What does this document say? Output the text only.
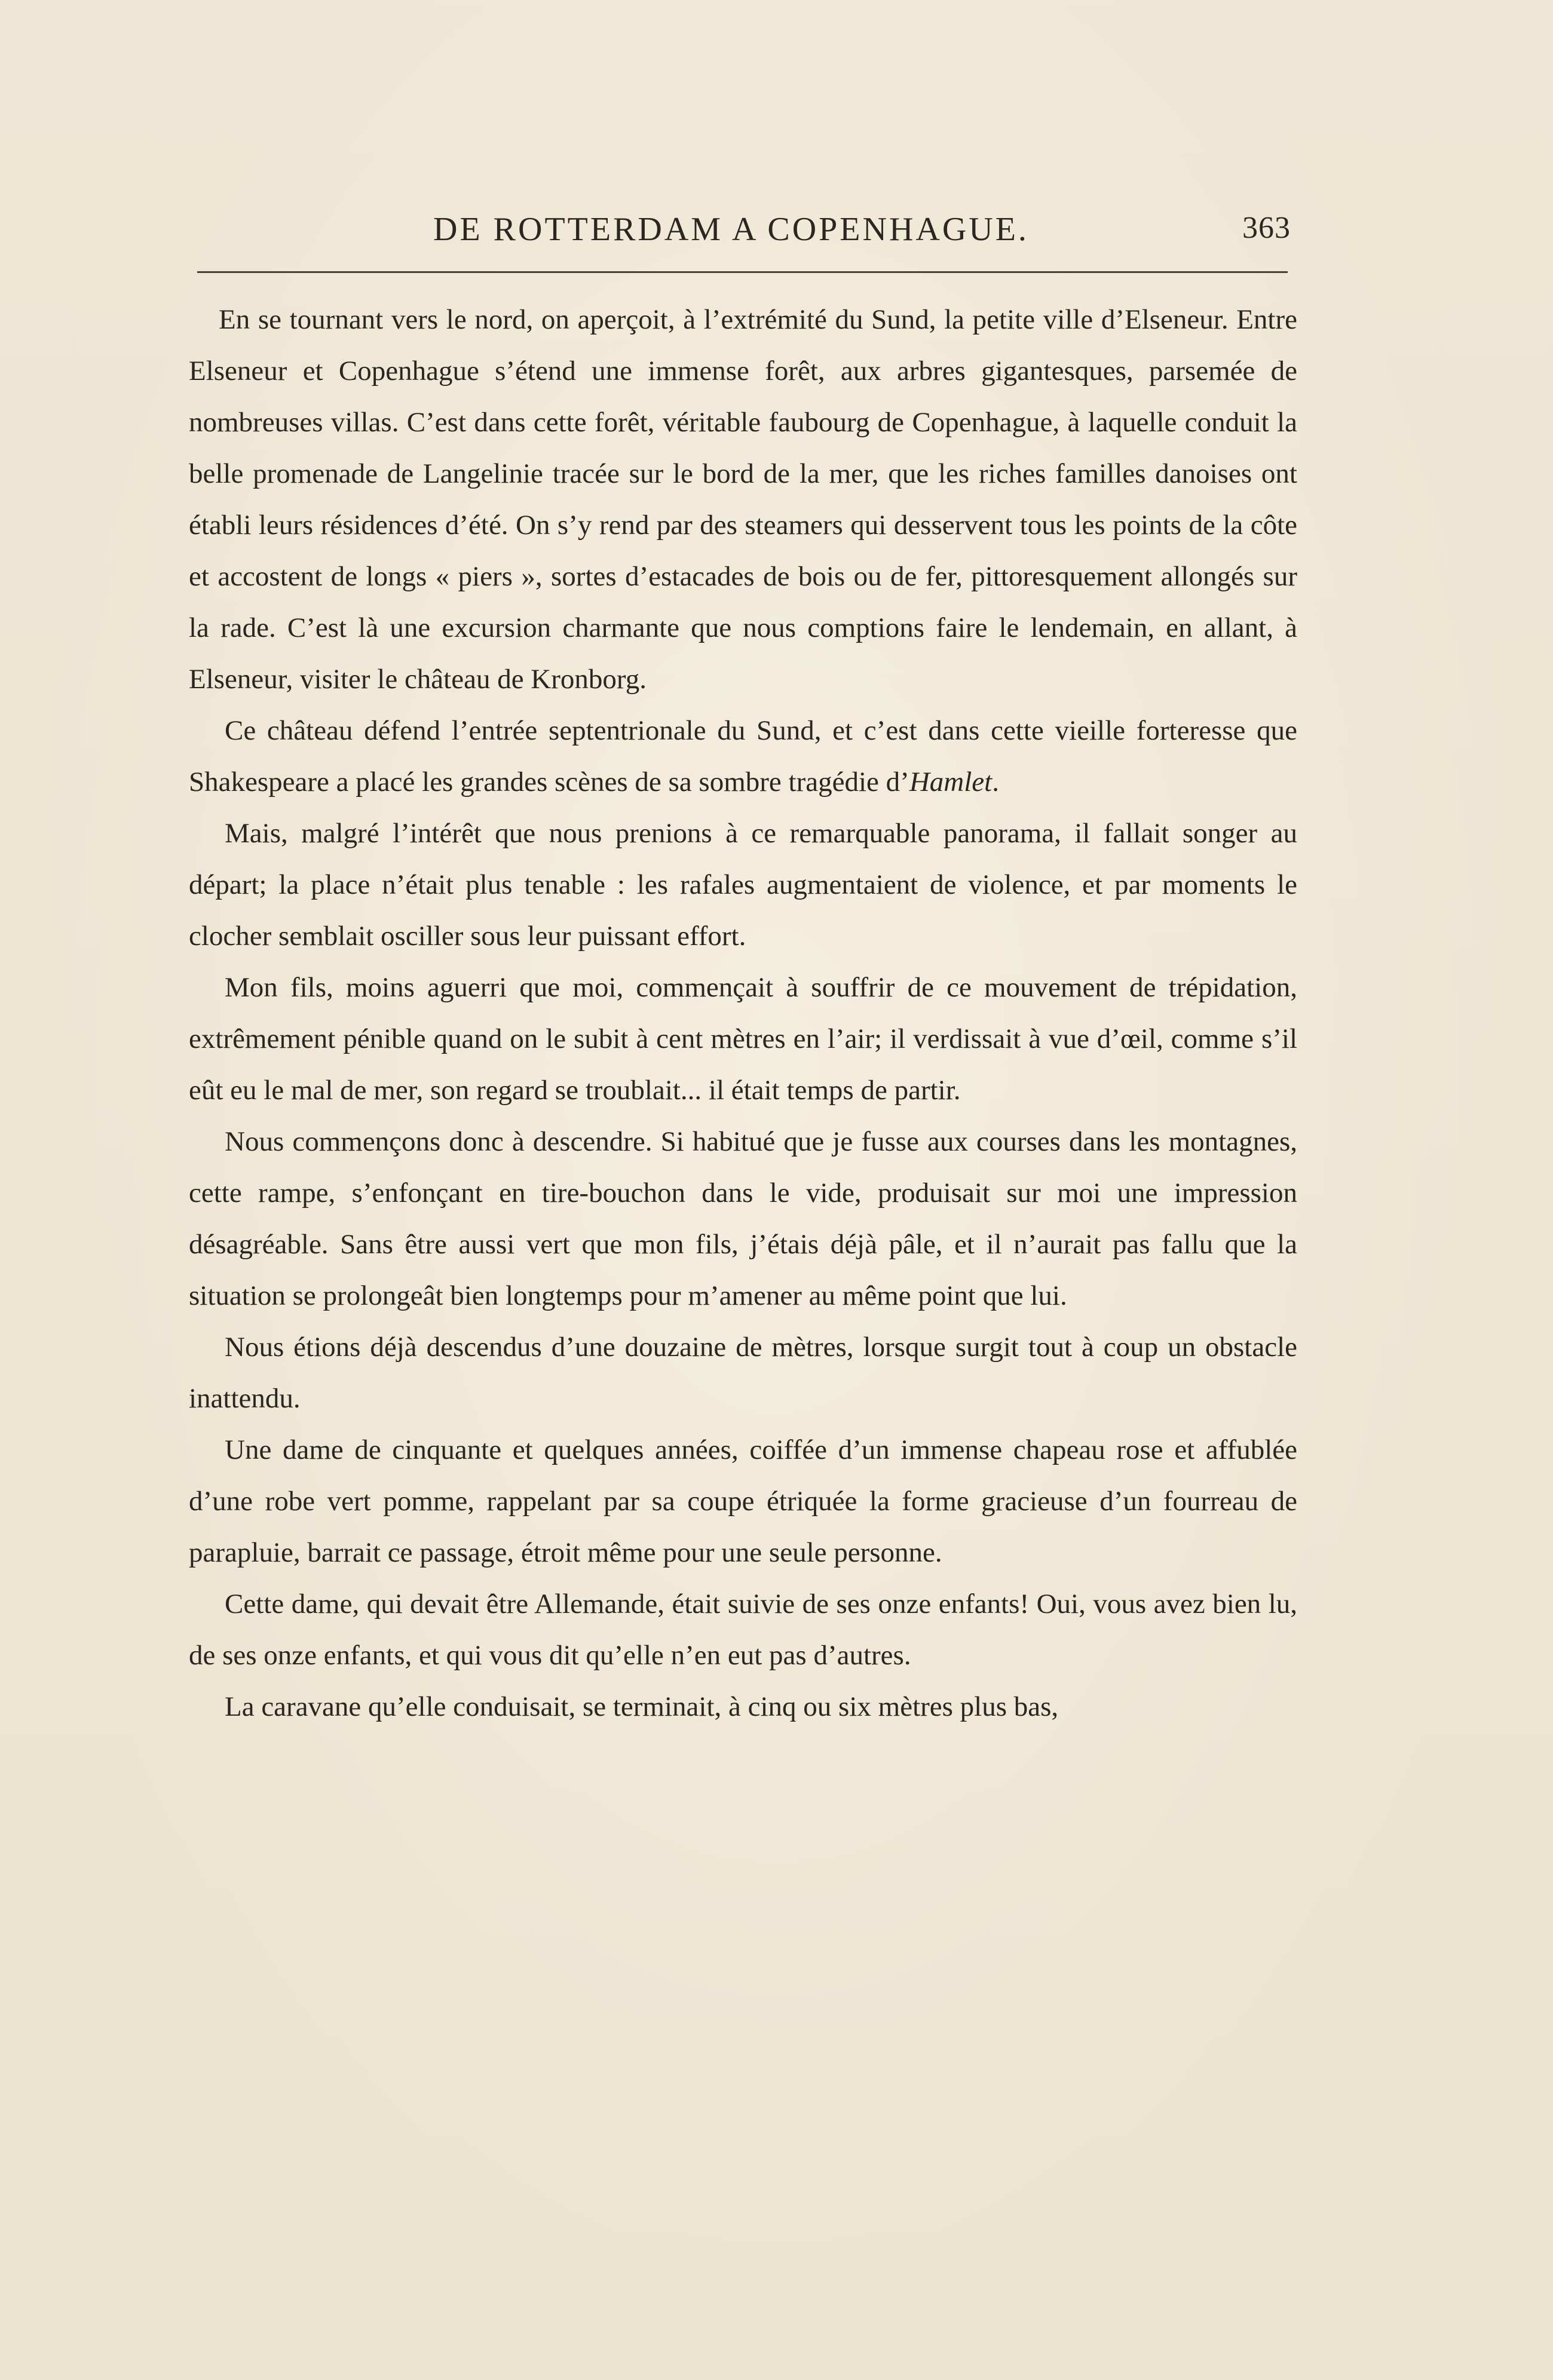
DE ROTTERDAM A COPENHAGUE.	363

En se tournant vers le nord, on aperçoit, à l’extrémité du Sund, la petite ville d’Elseneur. Entre Elseneur et Copenhague s’étend une immense forêt, aux arbres gigantesques, parsemée de nombreuses villas. C’est dans cette forêt, véritable faubourg de Copenhague, à laquelle conduit la belle promenade de Langelinie tracée sur le bord de la mer, que les riches familles danoises ont établi leurs résidences d’été. On s’y rend par des steamers qui desservent tous les points de la côte et accostent de longs « piers », sortes d’estacades de bois ou de fer, pittoresquement allongés sur la rade. C’est là une excursion charmante que nous comptions faire le lendemain, en allant, à Elseneur, visiter le château de Kronborg.

Ce château défend l’entrée septentrionale du Sund, et c’est dans cette vieille forteresse que Shakespeare a placé les grandes scènes de sa sombre tragédie d’Hamlet.

Mais, malgré l’intérêt que nous prenions à ce remarquable panorama, il fallait songer au départ; la place n’était plus tenable : les rafales augmentaient de violence, et par moments le clocher semblait osciller sous leur puissant effort.

Mon fils, moins aguerri que moi, commençait à souffrir de ce mouvement de trépidation, extrêmement pénible quand on le subit à cent mètres en l’air; il verdissait à vue d’œil, comme s’il eût eu le mal de mer, son regard se troublait... il était temps de partir.

Nous commençons donc à descendre. Si habitué que je fusse aux courses dans les montagnes, cette rampe, s’enfonçant en tire-bouchon dans le vide, produisait sur moi une impression désagréable. Sans être aussi vert que mon fils, j’étais déjà pâle, et il n’aurait pas fallu que la situation se prolongeât bien longtemps pour m’amener au même point que lui.

Nous étions déjà descendus d’une douzaine de mètres, lorsque surgit tout à coup un obstacle inattendu.

Une dame de cinquante et quelques années, coiffée d’un immense chapeau rose et affublée d’une robe vert pomme, rappelant par sa coupe étriquée la forme gracieuse d’un fourreau de parapluie, barrait ce passage, étroit même pour une seule personne.

Cette dame, qui devait être Allemande, était suivie de ses onze enfants! Oui, vous avez bien lu, de ses onze enfants, et qui vous dit qu’elle n’en eut pas d’autres.

La caravane qu’elle conduisait, se terminait, à cinq ou six mètres plus bas,
